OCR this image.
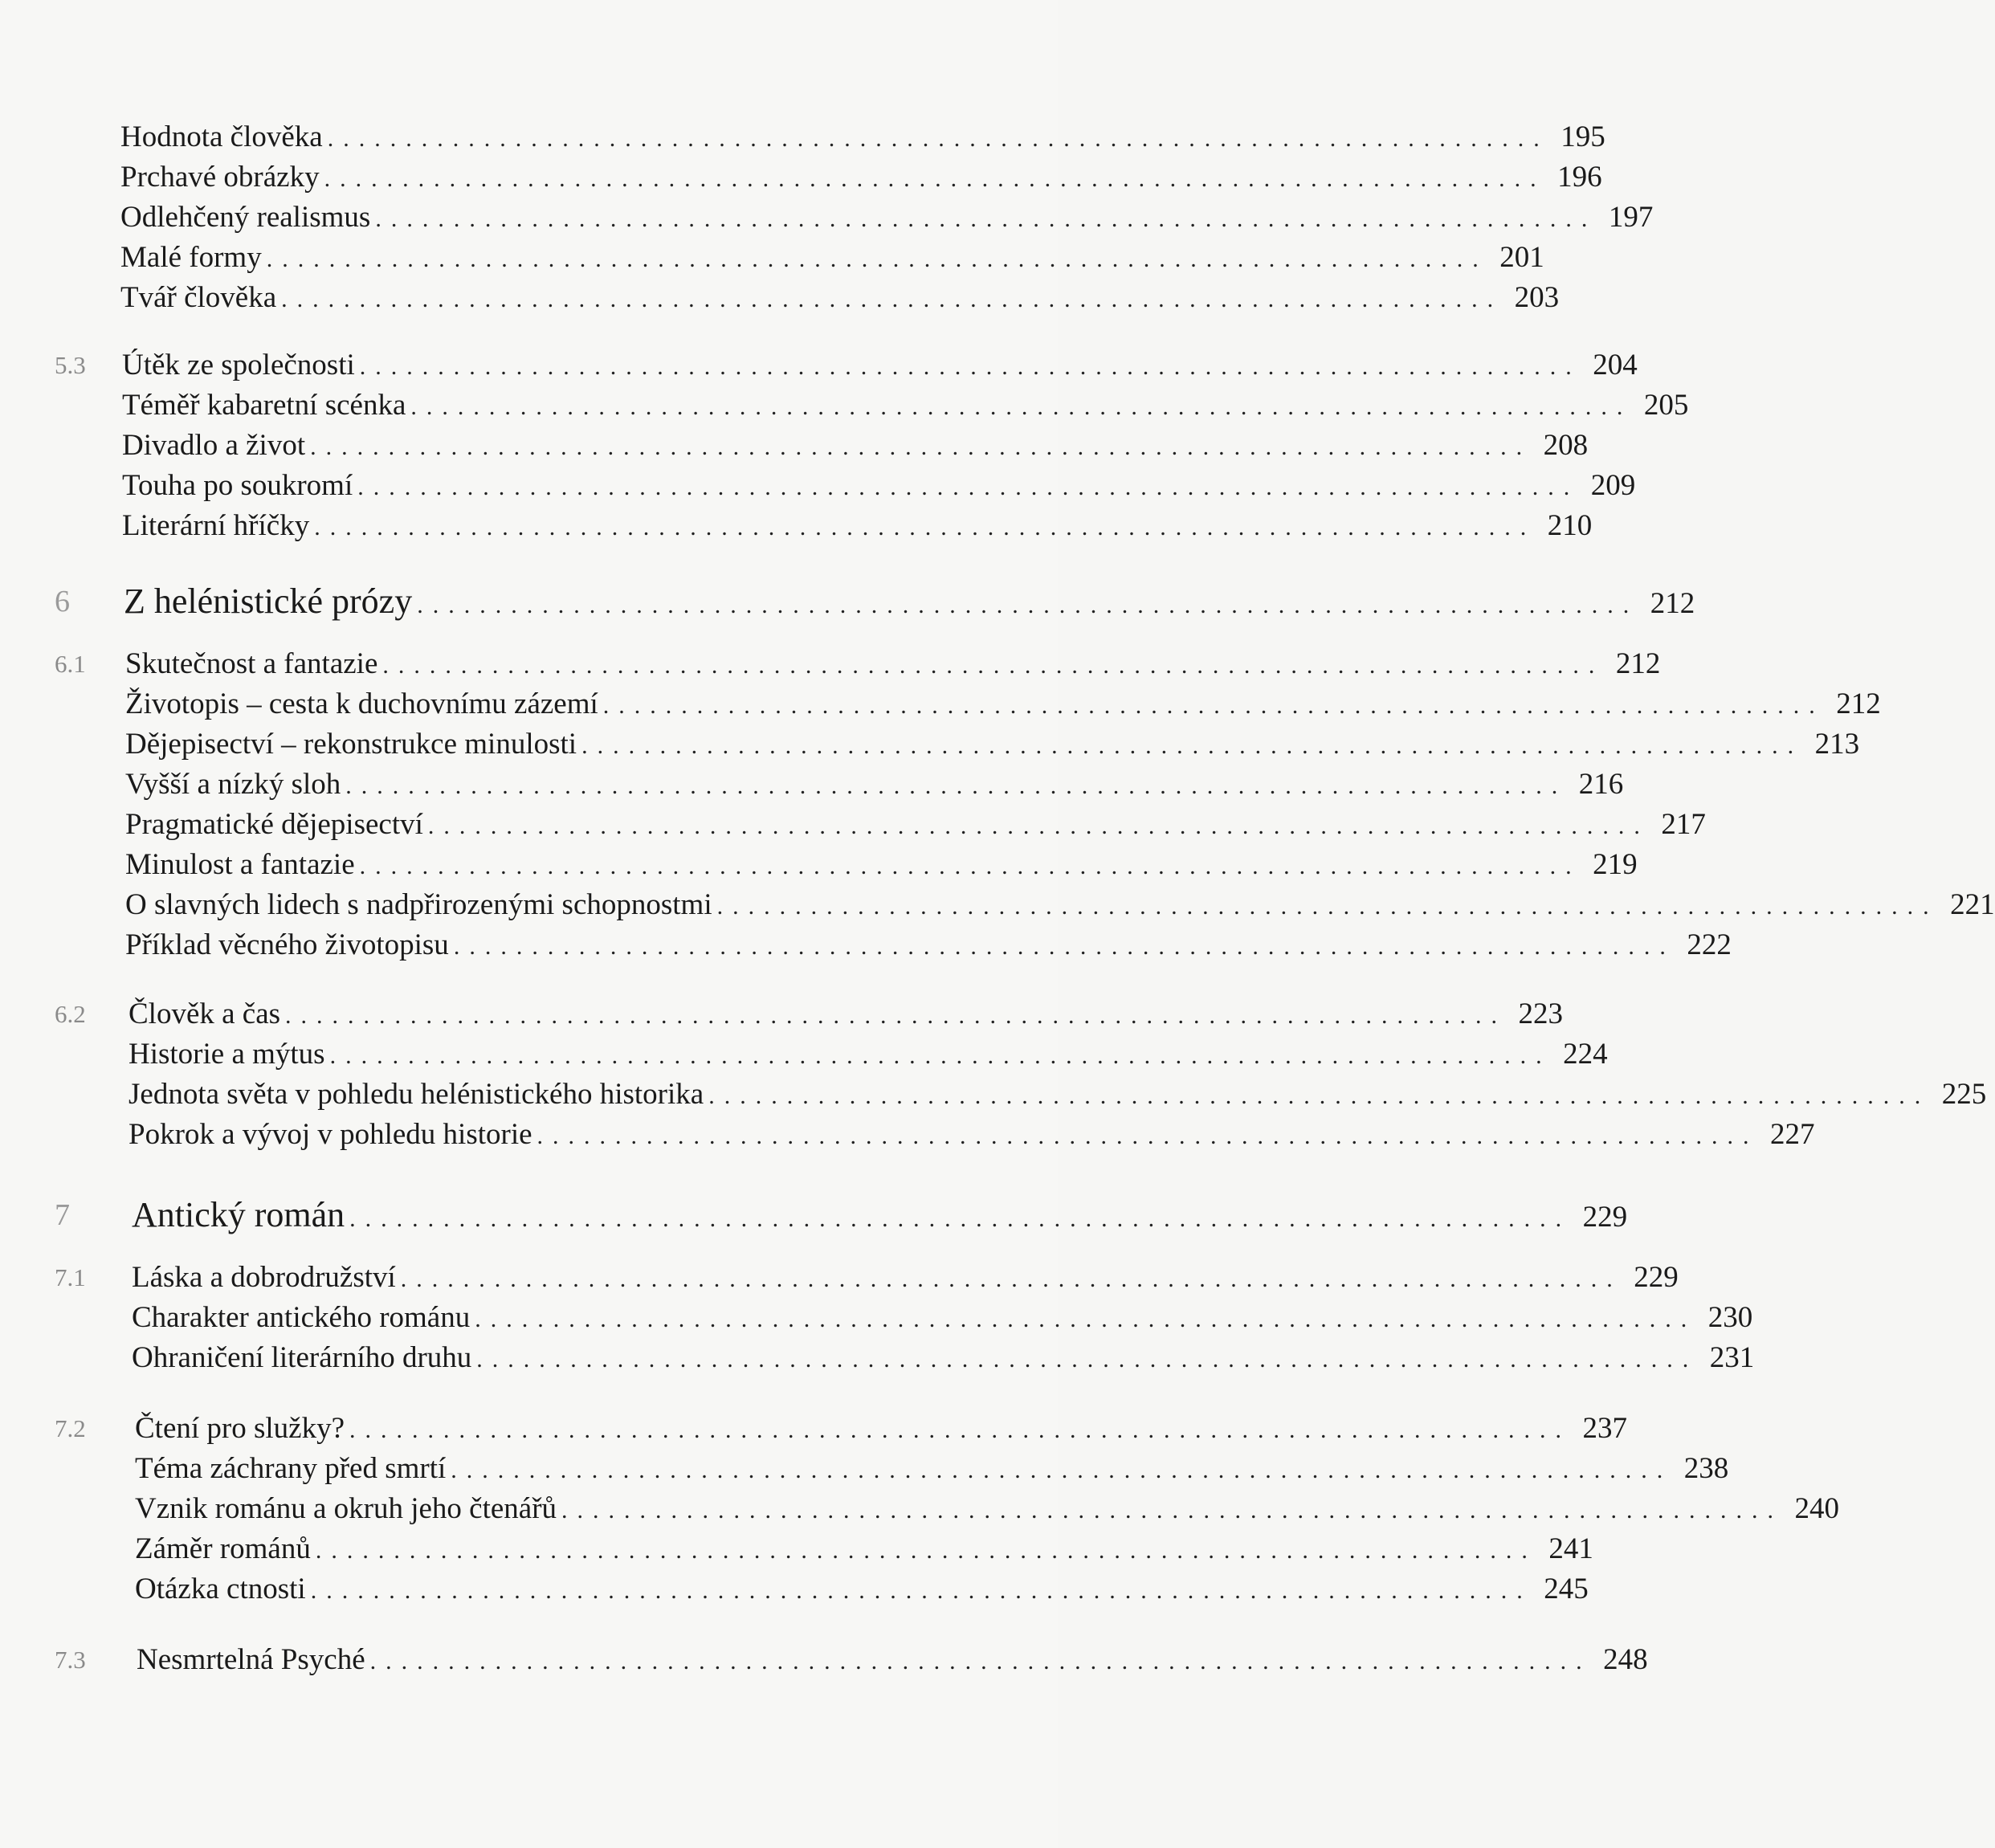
Hodnota člověka .............................................................................. 195
Prchavé obrázky .............................................................................. 196
Odlehčený realismus .............................................................................. 197
Malé formy .............................................................................. 201
Tvář člověka .............................................................................. 203
5.3	Útěk ze společnosti .............................................................................. 204
Téměř kabaretní scénka .............................................................................. 205
Divadlo a život .............................................................................. 208
Touha po soukromí .............................................................................. 209
Literární hříčky .............................................................................. 210
6	Z helénistické prózy .............................................................................. 212
6.1	Skutečnost a fantazie .............................................................................. 212
Životopis – cesta k duchovnímu zázemí .............................................................................. 212
Dějepisectví – rekonstrukce minulosti .............................................................................. 213
Vyšší a nízký sloh .............................................................................. 216
Pragmatické dějepisectví .............................................................................. 217
Minulost a fantazie .............................................................................. 219
O slavných lidech s nadpřirozenými schopnostmi .............................................................................. 221
Příklad věcného životopisu .............................................................................. 222
6.2	Člověk a čas .............................................................................. 223
Historie a mýtus .............................................................................. 224
Jednota světa v pohledu helénistického historika .............................................................................. 225
Pokrok a vývoj v pohledu historie .............................................................................. 227
7	Antický román .............................................................................. 229
7.1	Láska a dobrodružství .............................................................................. 229
Charakter antického románu .............................................................................. 230
Ohraničení literárního druhu .............................................................................. 231
7.2	Čtení pro služky? .............................................................................. 237
Téma záchrany před smrtí .............................................................................. 238
Vznik románu a okruh jeho čtenářů .............................................................................. 240
Záměr románů .............................................................................. 241
Otázka ctnosti .............................................................................. 245
7.3	Nesmrtelná Psyché .............................................................................. 248
